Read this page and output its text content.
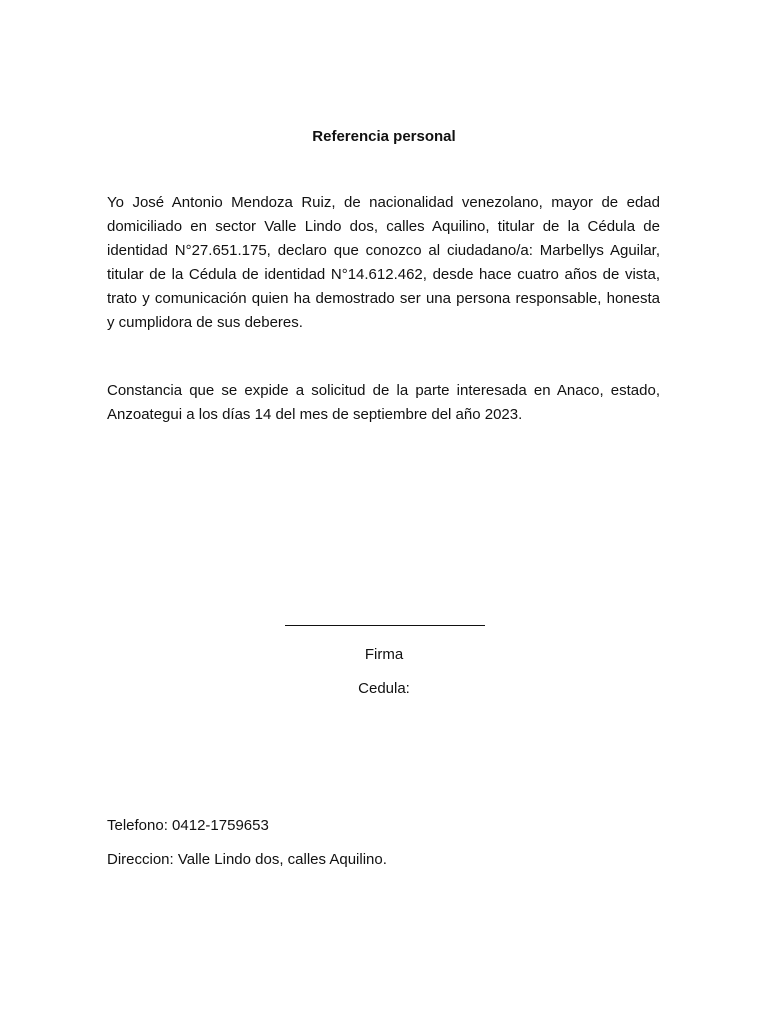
Referencia personal

Yo José Antonio Mendoza Ruiz, de nacionalidad venezolano, mayor de edad domiciliado en sector Valle Lindo dos, calles Aquilino, titular de la Cédula de identidad N°27.651.175, declaro que conozco al ciudadano/a: Marbellys Aguilar, titular de la Cédula de identidad N°14.612.462, desde hace cuatro años de vista, trato y comunicación quien ha demostrado ser una persona responsable, honesta y cumplidora de sus deberes.

Constancia que se expide a solicitud de la parte interesada en Anaco, estado, Anzoategui a los días 14 del mes de septiembre del año 2023.

Firma
Cedula:
Telefono: 0412-1759653
Direccion: Valle Lindo dos, calles Aquilino.
